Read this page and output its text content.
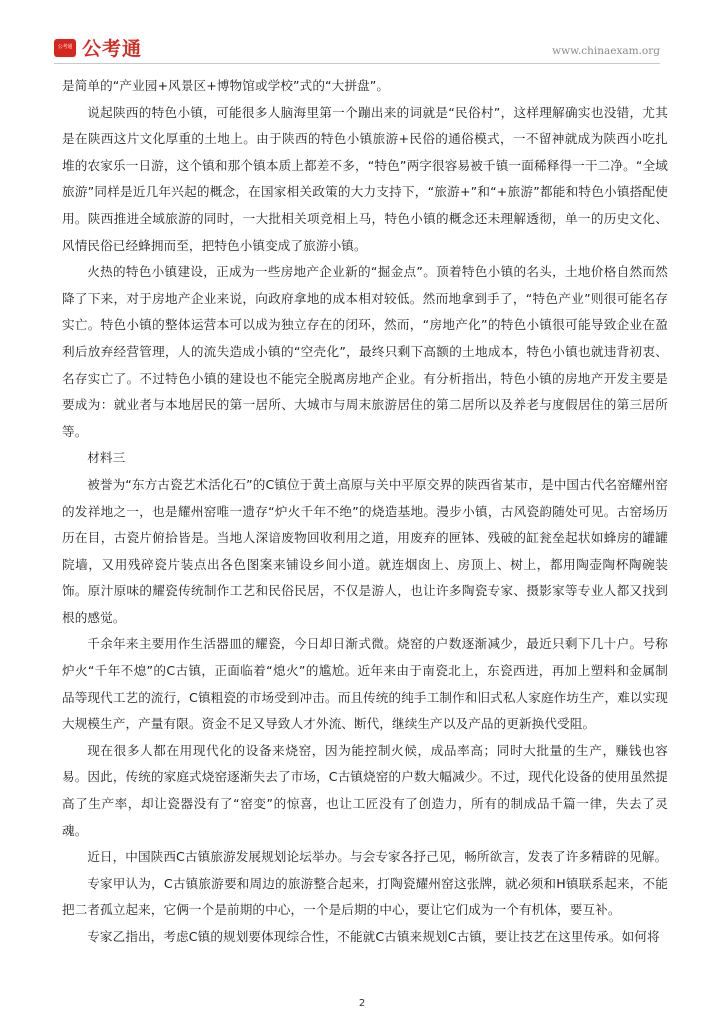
公考通 公考通	www.chinaexam.org

是简单的“产业园+风景区+博物馆或学校”式的“大拼盘”。

说起陕西的特色小镇，可能很多人脑海里第一个蹦出来的词就是“民俗村”，这样理解确实也没错，尤其是在陕西这片文化厚重的土地上。由于陕西的特色小镇旅游+民俗的通俗模式，一不留神就成为陕西小吃扎堆的农家乐一日游，这个镇和那个镇本质上都差不多，“特色”两字很容易被千镇一面稀释得一干二净。“全域旅游”同样是近几年兴起的概念，在国家相关政策的大力支持下，“旅游+”和“+旅游”都能和特色小镇搭配使用。陕西推进全域旅游的同时，一大批相关项竞相上马，特色小镇的概念还未理解透彻，单一的历史文化、风情民俗已经蜂拥而至，把特色小镇变成了旅游小镇。

火热的特色小镇建设，正成为一些房地产企业新的“掘金点”。顶着特色小镇的名头，土地价格自然而然降了下来，对于房地产企业来说，向政府拿地的成本相对较低。然而地拿到手了，“特色产业”则很可能名存实亡。特色小镇的整体运营本可以成为独立存在的闭环，然而，“房地产化”的特色小镇很可能导致企业在盈利后放弃经营管理，人的流失造成小镇的“空壳化”，最终只剩下高额的土地成本，特色小镇也就违背初衷、名存实亡了。不过特色小镇的建设也不能完全脱离房地产企业。有分析指出，特色小镇的房地产开发主要是要成为：就业者与本地居民的第一居所、大城市与周末旅游居住的第二居所以及养老与度假居住的第三居所等。

材料三

被誉为“东方古瓷艺术活化石”的C镇位于黄土高原与关中平原交界的陕西省某市，是中国古代名窑耀州窑的发祥地之一，也是耀州窑唯一遗存“炉火千年不绝”的烧造基地。漫步小镇，古风瓷韵随处可见。古窑场历历在目，古瓷片俯拾皆是。当地人深谙废物回收利用之道，用废弃的匣钵、残破的缸瓮垒起状如蜂房的罐罐院墙，又用残碎瓷片装点出各色图案来铺设乡间小道。就连烟囱上、房顶上、树上，都用陶壶陶杯陶碗装饰。原汁原味的耀瓷传统制作工艺和民俗民居，不仅是游人，也让许多陶瓷专家、摄影家等专业人都又找到根的感觉。

千余年来主要用作生活器皿的耀瓷，今日却日渐式微。烧窑的户数逐渐减少，最近只剩下几十户。号称炉火“千年不熄”的C古镇，正面临着“熄火”的尴尬。近年来由于南瓷北上，东瓷西进，再加上塑料和金属制品等现代工艺的流行，C镇粗瓷的市场受到冲击。而且传统的纯手工制作和旧式私人家庭作坊生产，难以实现大规模生产，产量有限。资金不足又导致人才外流、断代，继续生产以及产品的更新换代受阻。

现在很多人都在用现代化的设备来烧窑，因为能控制火候，成品率高；同时大批量的生产，赚钱也容易。因此，传统的家庭式烧窑逐渐失去了市场，C古镇烧窑的户数大幅减少。不过，现代化设备的使用虽然提高了生产率，却让瓷器没有了“窑变”的惊喜，也让工匠没有了创造力，所有的制成品千篇一律，失去了灵魂。

近日，中国陕西C古镇旅游发展规划论坛举办。与会专家各抒己见，畅所欲言，发表了许多精辟的见解。

专家甲认为，C古镇旅游要和周边的旅游整合起来，打陶瓷耀州窑这张牌，就必须和H镇联系起来，不能把二者孤立起来，它俩一个是前期的中心，一个是后期的中心，要让它们成为一个有机体，要互补。

专家乙指出，考虑C镇的规划要体现综合性，不能就C古镇来规划C古镇，要让技艺在这里传承。如何将

2
